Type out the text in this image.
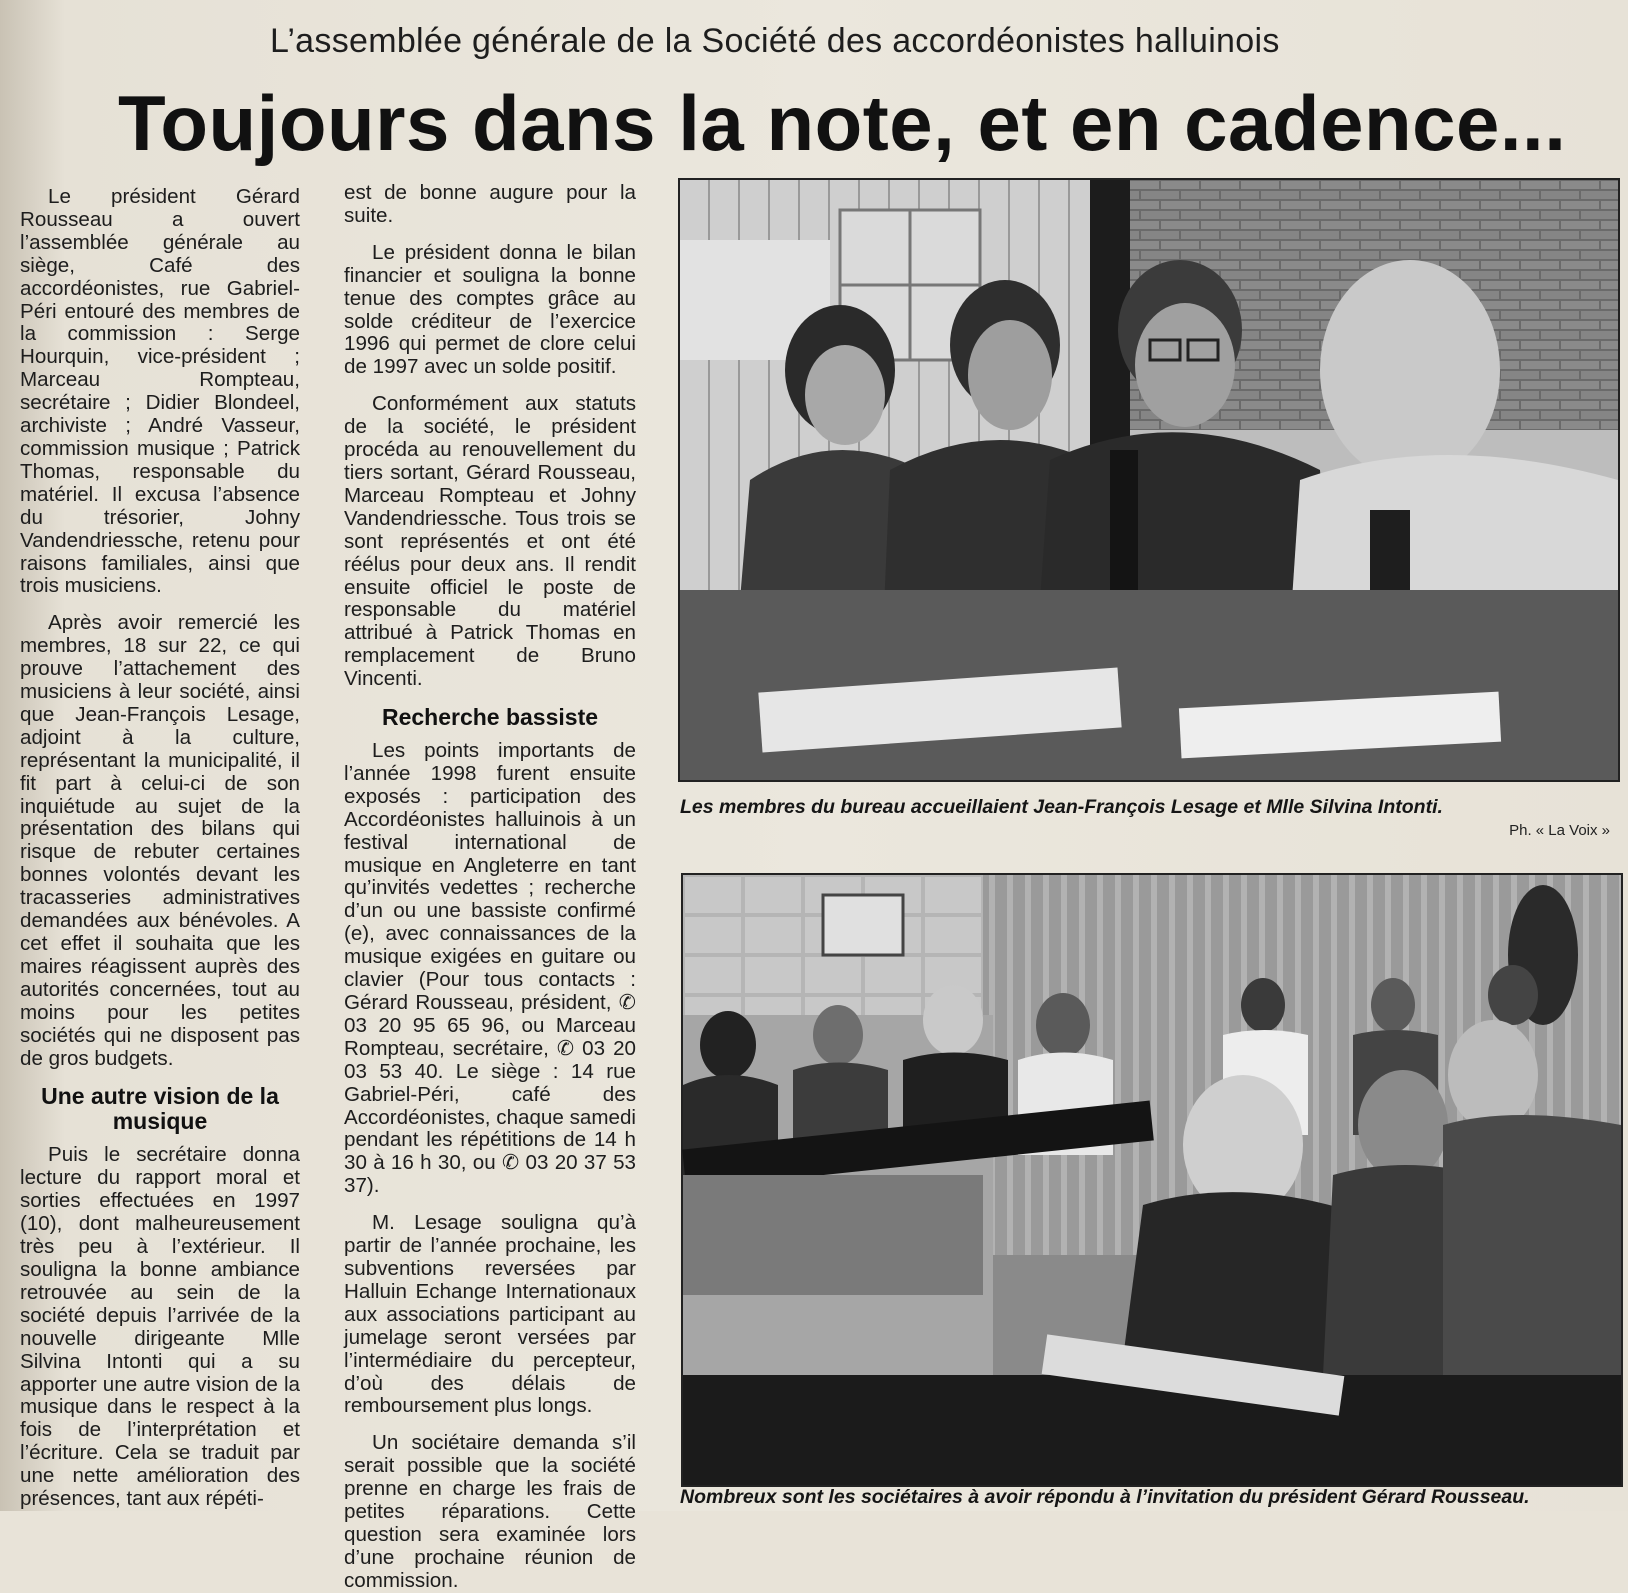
L’assemblée générale de la Société des accordéonistes halluinois
Toujours dans la note, et en cadence...

Le président Gérard Rousseau a ouvert l’assemblée générale au siège, Café des accordéonistes, rue Gabriel-Péri entouré des membres de la commission : Serge Hourquin, vice-président ; Marceau Rompteau, secrétaire ; Didier Blondeel, archiviste ; André Vasseur, commission musique ; Patrick Thomas, responsable du matériel. Il excusa l’absence du trésorier, Johny Vandendriessche, retenu pour raisons familiales, ainsi que trois musiciens.

Après avoir remercié les membres, 18 sur 22, ce qui prouve l’attachement des musiciens à leur société, ainsi que Jean-François Lesage, adjoint à la culture, représentant la municipalité, il fit part à celui-ci de son inquiétude au sujet de la présentation des bilans qui risque de rebuter certaines bonnes volontés devant les tracasseries administratives demandées aux bénévoles. A cet effet il souhaita que les maires réagissent auprès des autorités concernées, tout au moins pour les petites sociétés qui ne disposent pas de gros budgets.

Une autre vision de la musique

Puis le secrétaire donna lecture du rapport moral et sorties effectuées en 1997 (10), dont malheureusement très peu à l’extérieur. Il souligna la bonne ambiance retrouvée au sein de la société depuis l’arrivée de la nouvelle dirigeante Mlle Silvina Intonti qui a su apporter une autre vision de la musique dans le respect à la fois de l’interprétation et l’écriture. Cela se traduit par une nette amélioration des présences, tant aux répéti-

est de bonne augure pour la suite.

Le président donna le bilan financier et souligna la bonne tenue des comptes grâce au solde créditeur de l’exercice 1996 qui permet de clore celui de 1997 avec un solde positif.

Conformément aux statuts de la société, le président procéda au renouvellement du tiers sortant, Gérard Rousseau, Marceau Rompteau et Johny Vandendriessche. Tous trois se sont représentés et ont été réélus pour deux ans. Il rendit ensuite officiel le poste de responsable du matériel attribué à Patrick Thomas en remplacement de Bruno Vincenti.

Recherche bassiste

Les points importants de l’année 1998 furent ensuite exposés : participation des Accordéonistes halluinois à un festival international de musique en Angleterre en tant qu’invités vedettes ; recherche d’un ou une bassiste confirmé (e), avec connaissances de la musique exigées en guitare ou clavier (Pour tous contacts : Gérard Rousseau, président, ✆ 03 20 95 65 96, ou Marceau Rompteau, secrétaire, ✆ 03 20 03 53 40. Le siège : 14 rue Gabriel-Péri, café des Accordéonistes, chaque samedi pendant les répétitions de 14 h 30 à 16 h 30, ou ✆ 03 20 37 53 37).

M. Lesage souligna qu’à partir de l’année prochaine, les subventions reversées par Halluin Echange Internationaux aux associations participant au jumelage seront versées par l’intermédiaire du percepteur, d’où des délais de remboursement plus longs.

Un sociétaire demanda s’il serait possible que la société prenne en charge les frais de petites réparations. Cette question sera examinée lors d’une prochaine réunion de commission.

Les membres du bureau accueillaient Jean-François Lesage et Mlle Silvina Intonti.
Ph. « La Voix »
Nombreux sont les sociétaires à avoir répondu à l’invitation du président Gérard Rousseau.
